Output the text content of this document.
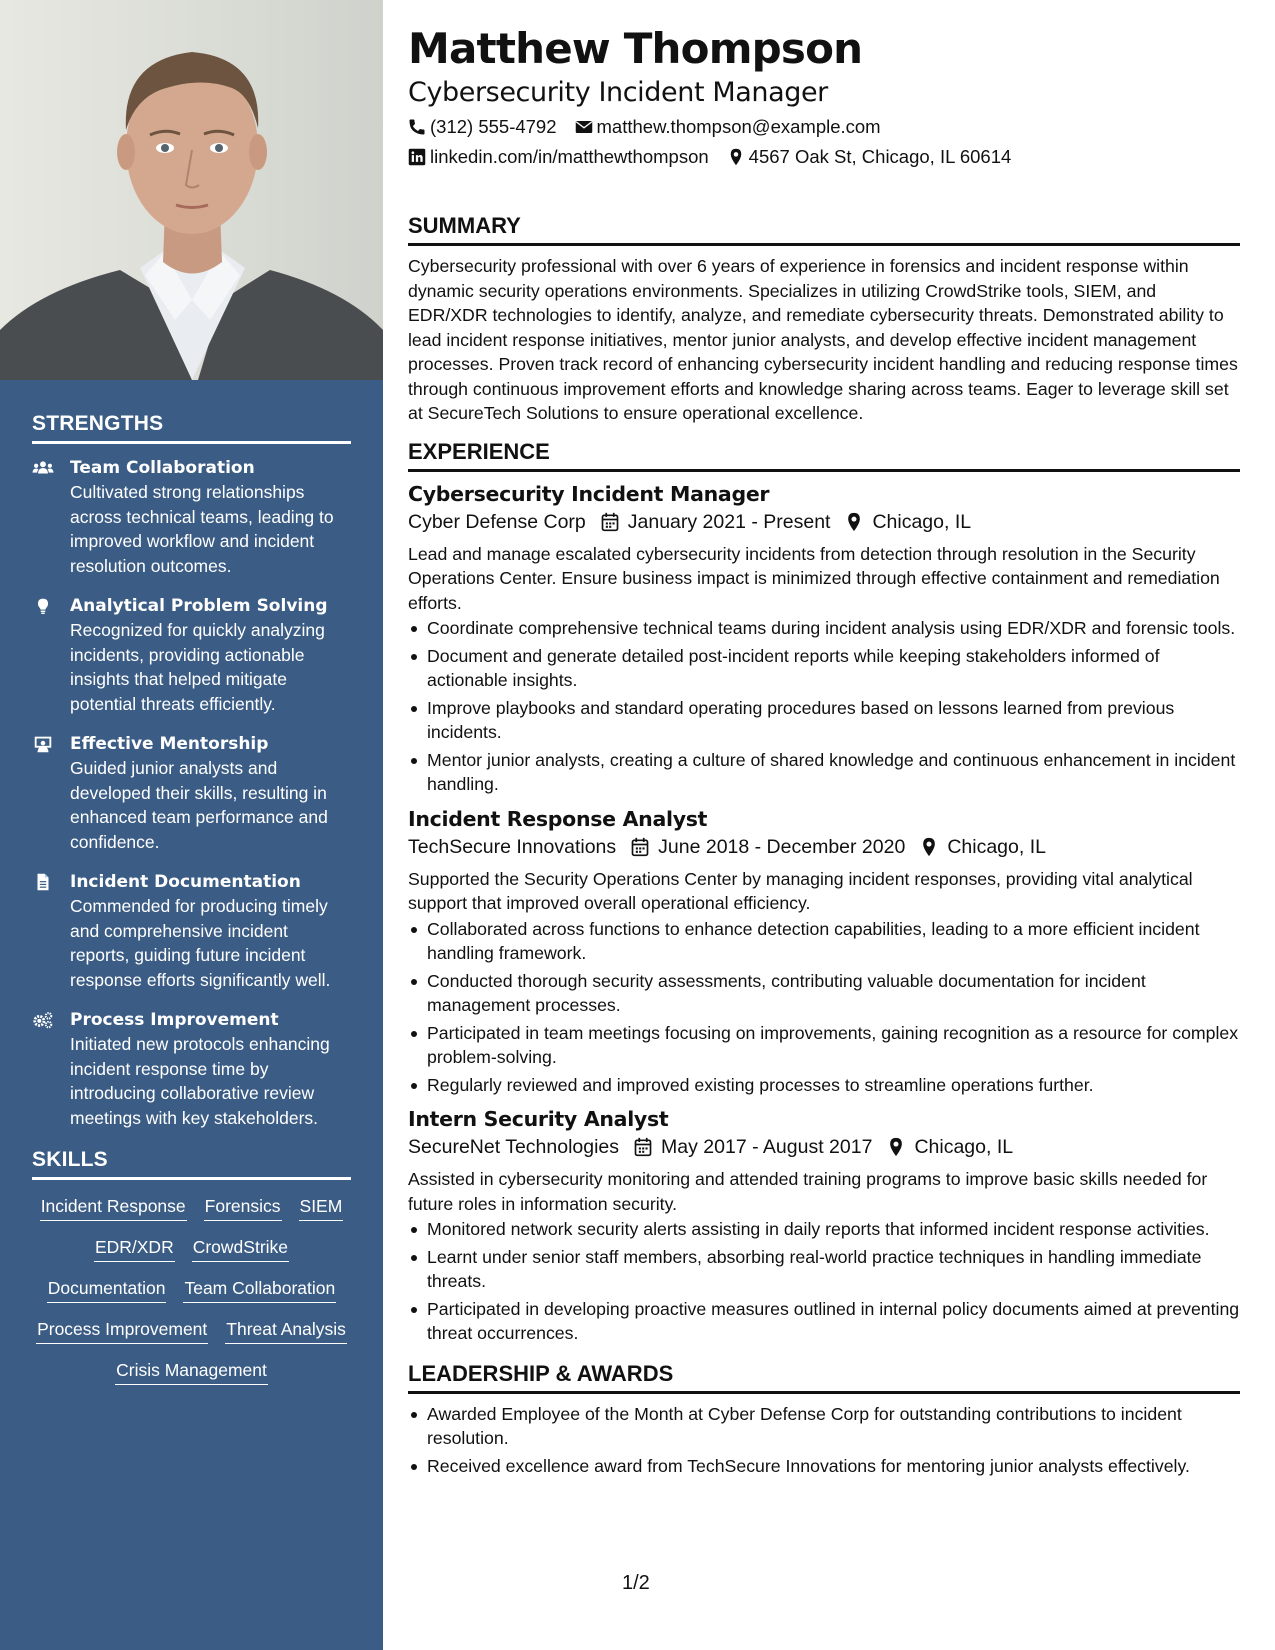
STRENGTHS
Team Collaboration
Cultivated strong relationships across technical teams, leading to improved workflow and incident resolution outcomes.
Analytical Problem Solving
Recognized for quickly analyzing incidents, providing actionable insights that helped mitigate potential threats efficiently.
Effective Mentorship
Guided junior analysts and developed their skills, resulting in enhanced team performance and confidence.
Incident Documentation
Commended for producing timely and comprehensive incident reports, guiding future incident response efforts significantly well.
Process Improvement
Initiated new protocols enhancing incident response time by introducing collaborative review meetings with key stakeholders.
SKILLS
Incident Response Forensics SIEM
EDR/XDR CrowdStrike
Documentation Team Collaboration
Process Improvement Threat Analysis
Crisis Management
Matthew Thompson
Cybersecurity Incident Manager
(312) 555-4792 matthew.thompson@example.com
linkedin.com/in/matthewthompson 4567 Oak St, Chicago, IL 60614
SUMMARY
Cybersecurity professional with over 6 years of experience in forensics and incident response within dynamic security operations environments. Specializes in utilizing CrowdStrike tools, SIEM, and EDR/XDR technologies to identify, analyze, and remediate cybersecurity threats. Demonstrated ability to lead incident response initiatives, mentor junior analysts, and develop effective incident management processes. Proven track record of enhancing cybersecurity incident handling and reducing response times through continuous improvement efforts and knowledge sharing across teams. Eager to leverage skill set at SecureTech Solutions to ensure operational excellence.
EXPERIENCE
Cybersecurity Incident Manager
Cyber Defense Corp January 2021 - Present Chicago, IL
Lead and manage escalated cybersecurity incidents from detection through resolution in the Security Operations Center. Ensure business impact is minimized through effective containment and remediation efforts.
Coordinate comprehensive technical teams during incident analysis using EDR/XDR and forensic tools.
Document and generate detailed post-incident reports while keeping stakeholders informed of actionable insights.
Improve playbooks and standard operating procedures based on lessons learned from previous incidents.
Mentor junior analysts, creating a culture of shared knowledge and continuous enhancement in incident handling.
Incident Response Analyst
TechSecure Innovations June 2018 - December 2020 Chicago, IL
Supported the Security Operations Center by managing incident responses, providing vital analytical support that improved overall operational efficiency.
Collaborated across functions to enhance detection capabilities, leading to a more efficient incident handling framework.
Conducted thorough security assessments, contributing valuable documentation for incident management processes.
Participated in team meetings focusing on improvements, gaining recognition as a resource for complex problem-solving.
Regularly reviewed and improved existing processes to streamline operations further.
Intern Security Analyst
SecureNet Technologies May 2017 - August 2017 Chicago, IL
Assisted in cybersecurity monitoring and attended training programs to improve basic skills needed for future roles in information security.
Monitored network security alerts assisting in daily reports that informed incident response activities.
Learnt under senior staff members, absorbing real-world practice techniques in handling immediate threats.
Participated in developing proactive measures outlined in internal policy documents aimed at preventing threat occurrences.
LEADERSHIP & AWARDS
Awarded Employee of the Month at Cyber Defense Corp for outstanding contributions to incident resolution.
Received excellence award from TechSecure Innovations for mentoring junior analysts effectively.
1/2
